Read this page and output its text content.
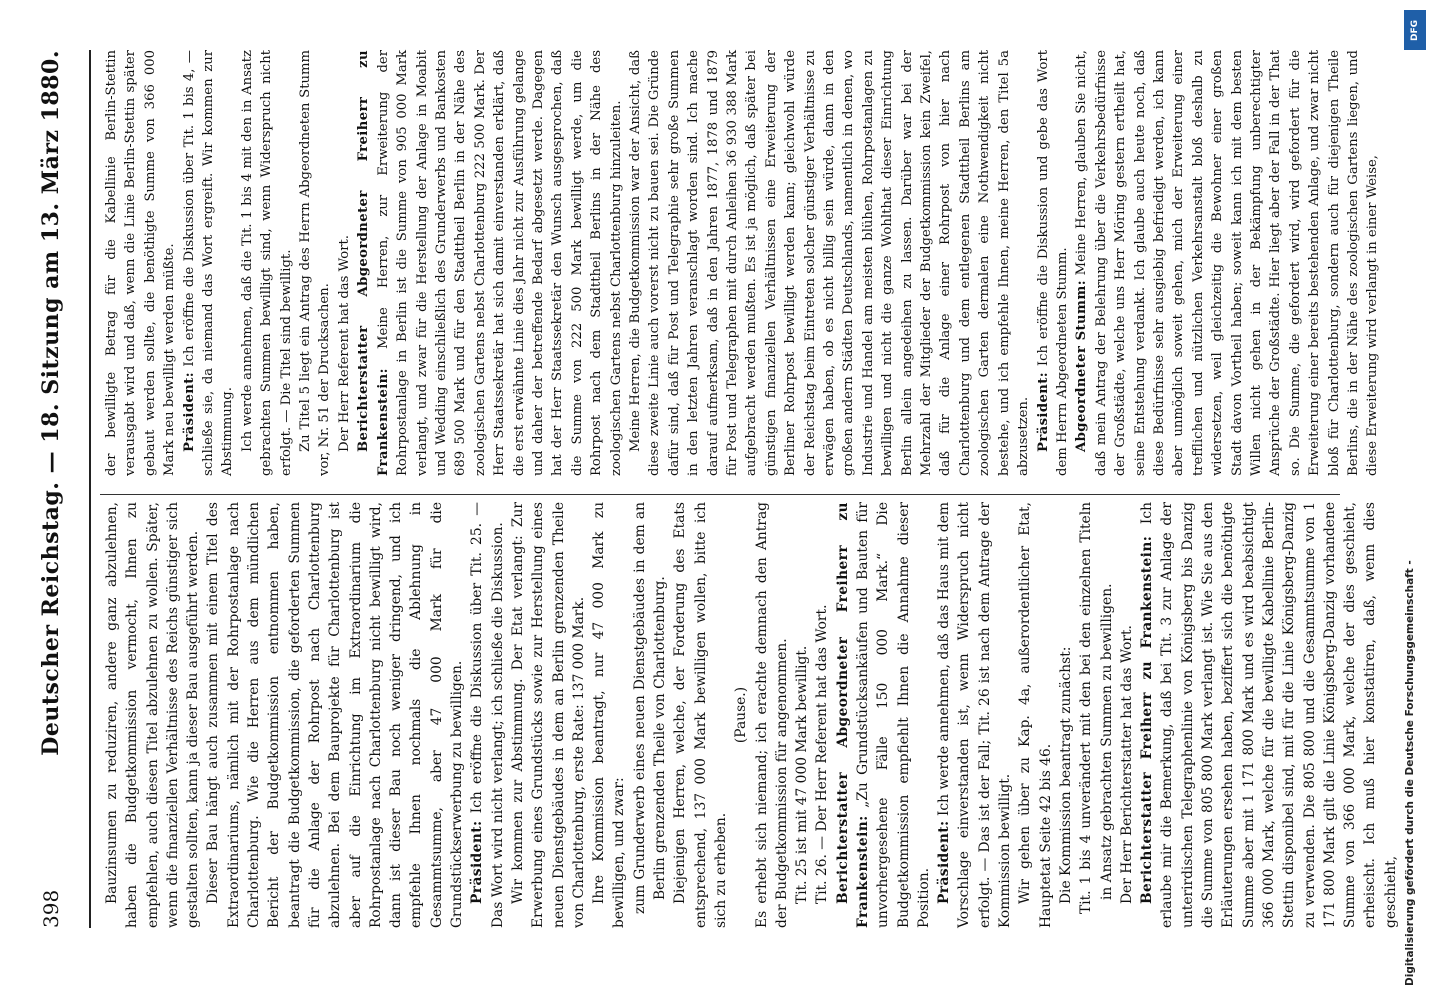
398
Deutscher Reichstag. — 18. Sitzung am 13. März 1880.	Bauzinsumen zu reduziren, andere ganz abzulehnen, haben die Budgetkommission vermocht, Ihnen zu empfehlen, auch diesen Titel abzulehnen zu wollen. Später, wenn die finanziellen Verhältnisse des Reichs günstiger sich gestalten sollten, kann ja dieser Bau ausgeführt werden. Dieser Bau hängt auch zusammen mit einem Titel des Extraordinariums, nämlich mit der Rohrpostanlage nach Charlottenburg. Wie die Herren aus dem mündlichen Bericht der Budgetkommission entnommen haben, beantragt die Budgetkommission, die geforderten Summen für die Anlage der Rohrpost nach Charlottenburg abzulehnen. Bei dem Bauprojekte für Charlottenburg ist aber auf die Einrichtung im Extraordinarium die Rohrpostanlage nach Charlottenburg nicht bewilligt wird, dann ist dieser Bau noch weniger dringend, und ich empfehle Ihnen nochmals die Ablehnung in Gesammtsumme, aber 47 000 Mark für die Grundstückserwerbung zu bewilligen. Präsident: Ich eröffne die Diskussion über Tit. 25. — Das Wort wird nicht verlangt; ich schließe die Diskussion. Wir kommen zur Abstimmung. Der Etat verlangt: Zur Erwerbung eines Grundstücks sowie zur Herstellung eines neuen Dienstgebäudes in dem an Berlin grenzenden Theile von Charlottenburg, erste Rate: 137 000 Mark. Ihre Kommission beantragt, nur 47 000 Mark zu bewilligen, und zwar: zum Grunderwerb eines neuen Dienstgebäudes in dem an Berlin grenzenden Theile von Charlottenburg. Diejenigen Herren, welche, der Forderung des Etats entsprechend, 137 000 Mark bewilligen wollen, bitte ich sich zu erheben.

(Pause.) Es erhebt sich niemand; ich erachte demnach den Antrag der Budgetkommission für angenommen. Tit. 25 ist mit 47 000 Mark bewilligt. Tit. 26. — Der Herr Referent hat das Wort. Berichterstatter Abgeordneter Freiherr zu Frankenstein: „Zu Grundstücksankäufen und Bauten für unvorhergesehene Fälle 150 000 Mark.“ Die Budgetkommission empfiehlt Ihnen die Annahme dieser Position. Präsident: Ich werde annehmen, daß das Haus mit dem Vorschlage einverstanden ist, wenn Widerspruch nicht erfolgt. — Das ist der Fall; Tit. 26 ist nach dem Antrage der Kommission bewilligt. Wir gehen über zu Kap. 4a, außerordentlicher Etat, Hauptetat Seite 42 bis 46. Die Kommission beantragt zunächst: Tit. 1 bis 4 unverändert mit den bei den einzelnen Titeln in Ansatz gebrachten Summen zu bewilligen. Der Herr Berichterstatter hat das Wort. Berichterstatter Freiherr zu Frankenstein: Ich erlaube mir die Bemerkung, daß bei Tit. 3 zur Anlage der unterirdischen Telegraphenlinie von Königsberg bis Danzig die Summe von 805 800 Mark verlangt ist. Wie Sie aus den Erläuterungen ersehen haben, beziffert sich die benöthigte Summe aber mit 1 171 800 Mark und es wird beabsichtigt 366 000 Mark, welche für die bewilligte Kabellinie Berlin-Stettin disponibel sind, mit für die Linie Königsberg-Danzig zu verwenden. Die 805 800 und die Gesammtsumme von 1 171 800 Mark gilt die Linie Königsberg-Danzig vorhandene Summe von 366 000 Mark, welche der dies geschieht, erheischt. Ich muß hier konstatiren, daß, wenn dies geschieht,

der bewilligte Betrag für die Kabellinie Berlin-Stettin verausgabt wird und daß, wenn die Linie Berlin-Stettin später gebaut werden sollte, die benöthigte Summe von 366 000 Mark neu bewilligt werden müßte. Präsident: Ich eröffne die Diskussion über Tit. 1 bis 4, — schließe sie, da niemand das Wort ergreift. Wir kommen zur Abstimmung. Ich werde annehmen, daß die Tit. 1 bis 4 mit den in Ansatz gebrachten Summen bewilligt sind, wenn Widerspruch nicht erfolgt. — Die Titel sind bewilligt. Zu Titel 5 liegt ein Antrag des Herrn Abgeordneten Stumm vor, Nr. 51 der Drucksachen. Der Herr Referent hat das Wort. Berichterstatter Abgeordneter Freiherr zu Frankenstein: Meine Herren, zur Erweiterung der Rohrpostanlage in Berlin ist die Summe von 905 000 Mark verlangt, und zwar für die Herstellung der Anlage in Moabit und Wedding einschließlich des Grunderwerbs und Bankosten 689 500 Mark und für den Stadttheil Berlin in der Nähe des zoologischen Gartens nebst Charlottenburg 222 500 Mark. Der Herr Staatssekretär hat sich damit einverstanden erklärt, daß die erst erwähnte Linie dies Jahr nicht zur Ausführung gelange und daher der betreffende Bedarf abgesetzt werde. Dagegen hat der Herr Staatssekretär den Wunsch ausgesprochen, daß die Summe von 222 500 Mark bewilligt werde, um die Rohrpost nach dem Stadttheil Berlins in der Nähe des zoologischen Gartens nebst Charlottenburg hinzuleiten. Meine Herren, die Budgetkommission war der Ansicht, daß diese zweite Linie auch vorerst nicht zu bauen sei. Die Gründe dafür sind, daß für Post und Telegraphie sehr große Summen in den letzten Jahren veranschlagt worden sind. Ich mache darauf aufmerksam, daß in den Jahren 1877, 1878 und 1879 für Post und Telegraphen mit durch Anleihen 36 930 388 Mark aufgebracht werden mußten. Es ist ja möglich, daß später bei günstigen finanziellen Verhältnissen eine Erweiterung der Berliner Rohrpost bewilligt werden kann; gleichwohl würde der Reichstag beim Eintreten solcher günstiger Verhältnisse zu erwägen haben, ob es nicht billig sein würde, dann in den großen andern Städten Deutschlands, namentlich in denen, wo Industrie und Handel am meisten blühen, Rohrpostanlagen zu bewilligen und nicht die ganze Wohlthat dieser Einrichtung Berlin allein angedeihen zu lassen. Darüber war bei der Mehrzahl der Mitglieder der Budgetkommission kein Zweifel, daß für die Anlage einer Rohrpost von hier nach Charlottenburg und dem entlegenen Stadttheil Berlins am zoologischen Garten dermalen eine Nothwendigkeit nicht bestehe, und ich empfehle Ihnen, meine Herren, den Titel 5a abzusetzen. Präsident: Ich eröffne die Diskussion und gebe das Wort dem Herrn Abgeordneten Stumm. Abgeordneter Stumm: Meine Herren, glauben Sie nicht, daß mein Antrag der Belehrung über die Verkehrsbedürfnisse der Großstädte, welche uns Herr Möring gestern ertheilt hat, seine Entstehung verdankt. Ich glaube auch heute noch, daß diese Bedürfnisse sehr ausgiebig befriedigt werden, ich kann aber unmöglich soweit gehen, mich der Erweiterung einer trefflichen und nützlichen Verkehrsanstalt bloß deshalb zu widersetzen, weil gleichzeitig die Bewohner einer großen Stadt davon Vortheil haben; soweit kann ich mit dem besten Willen nicht gehen in der Bekämpfung unberechtigter Ansprüche der Großstädte. Hier liegt aber der Fall in der That so. Die Summe, die gefordert wird, wird gefordert für die Erweiterung einer bereits bestehenden Anlage, und zwar nicht bloß für Charlottenburg, sondern auch für diejenigen Theile Berlins, die in der Nähe des zoologischen Gartens liegen, und diese Erweiterung wird verlangt in einer Weise,

DFG
Digitalisierung gefördert durch die Deutsche Forschungsgemeinschaft -
